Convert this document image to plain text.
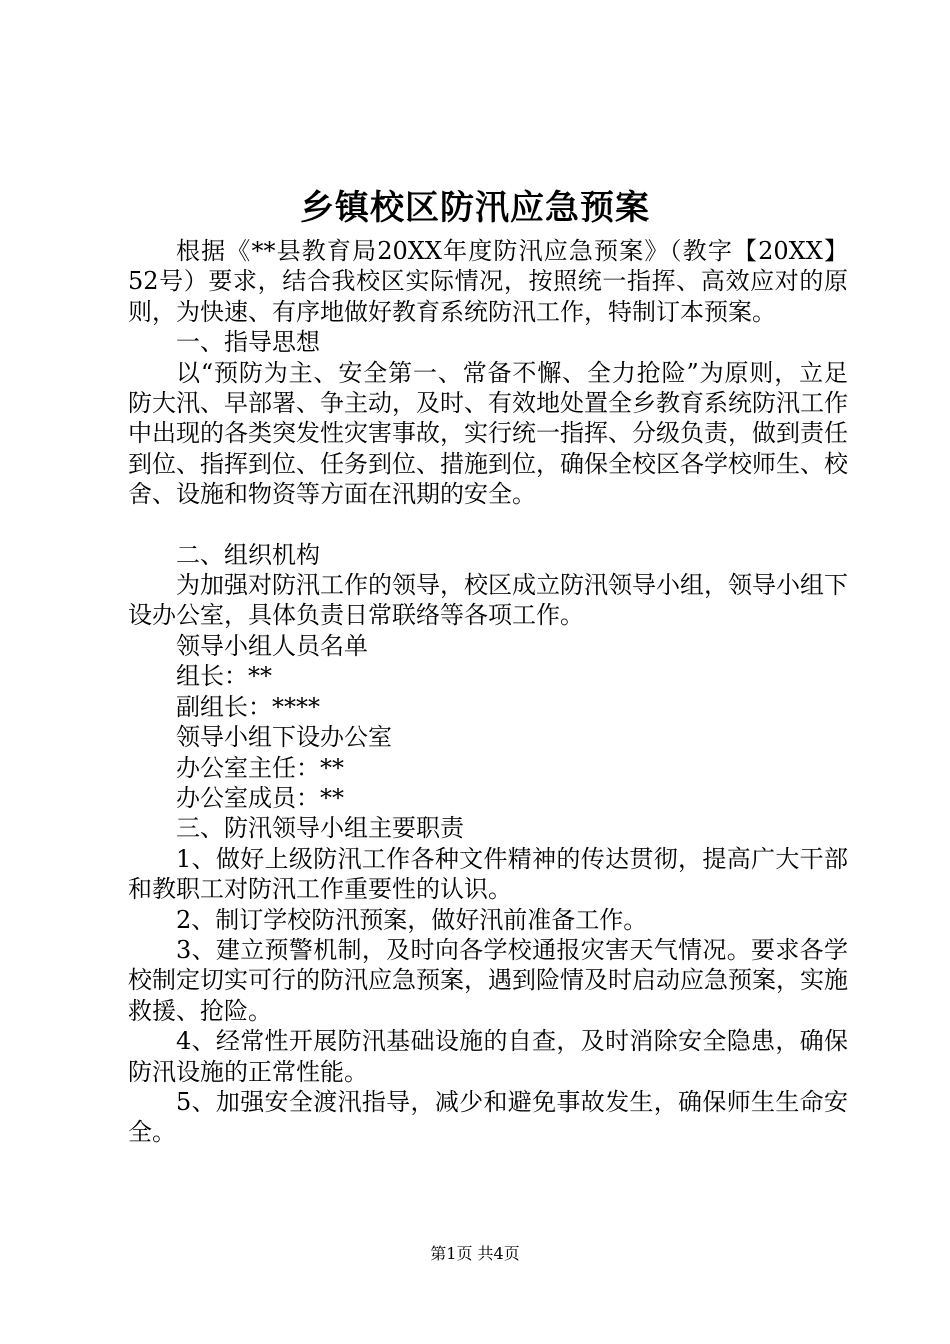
乡镇校区防汛应急预案

根据《**县教育局20XX年度防汛应急预案》（教字【20XX】52号）要求，结合我校区实际情况，按照统一指挥、高效应对的原则，为快速、有序地做好教育系统防汛工作，特制订本预案。

一、指导思想

以“预防为主、安全第一、常备不懈、全力抢险”为原则，立足防大汛、早部署、争主动，及时、有效地处置全乡教育系统防汛工作中出现的各类突发性灾害事故，实行统一指挥、分级负责，做到责任到位、指挥到位、任务到位、措施到位，确保全校区各学校师生、校舍、设施和物资等方面在汛期的安全。

二、组织机构

为加强对防汛工作的领导，校区成立防汛领导小组，领导小组下设办公室，具体负责日常联络等各项工作。

领导小组人员名单

组长：**

副组长：****

领导小组下设办公室

办公室主任：**

办公室成员：**

三、防汛领导小组主要职责

1、做好上级防汛工作各种文件精神的传达贯彻，提高广大干部和教职工对防汛工作重要性的认识。

2、制订学校防汛预案，做好汛前准备工作。

3、建立预警机制，及时向各学校通报灾害天气情况。要求各学校制定切实可行的防汛应急预案，遇到险情及时启动应急预案，实施救援、抢险。

4、经常性开展防汛基础设施的自查，及时消除安全隐患，确保防汛设施的正常性能。

5、加强安全渡汛指导，减少和避免事故发生，确保师生生命安全。

第1页 共4页
